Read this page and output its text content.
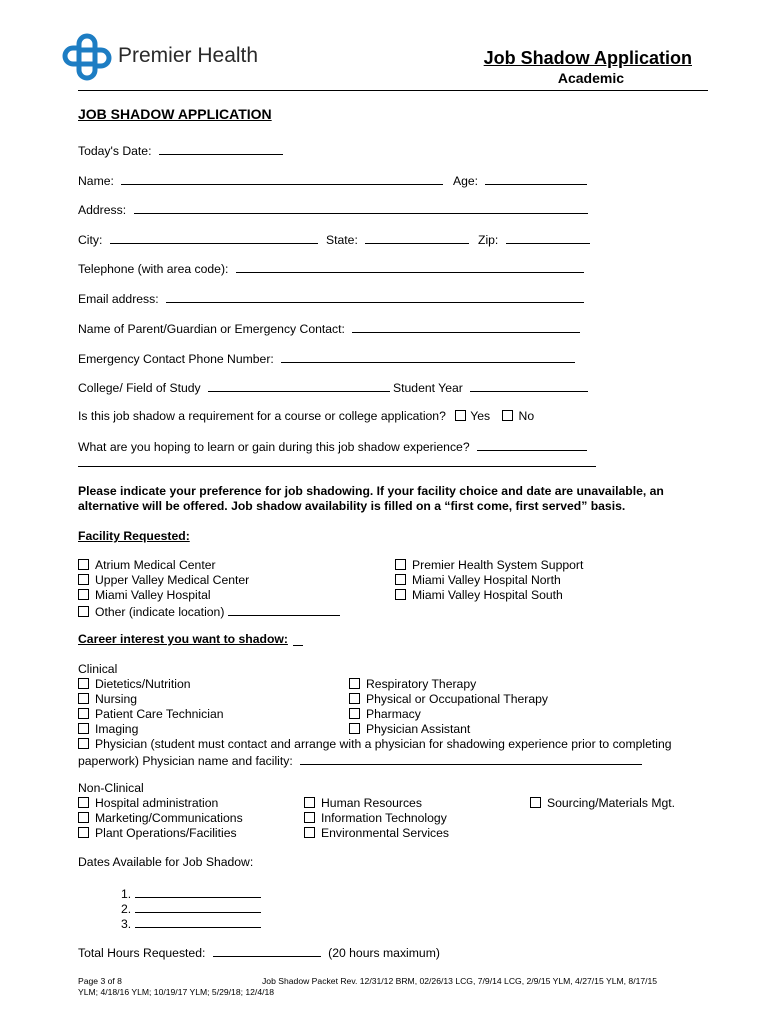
Premier Health	Job Shadow Application
Academic
JOB SHADOW APPLICATION
Today's Date:
Name:	Age:
Address:
City:	State:	Zip:
Telephone (with area code):
Email address:
Name of Parent/Guardian or Emergency Contact:
Emergency Contact Phone Number:
College/ Field of Study	Student Year
Is this job shadow a requirement for a course or college application? Yes No
What are you hoping to learn or gain during this job shadow experience?
Please indicate your preference for job shadowing. If your facility choice and date are unavailable, an
alternative will be offered. Job shadow availability is filled on a “first come, first served” basis.
Facility Requested:
Atrium Medical Center
Upper Valley Medical Center
Miami Valley Hospital
Other (indicate location)
Premier Health System Support
Miami Valley Hospital North
Miami Valley Hospital South
Career interest you want to shadow:
Clinical
Dietetics/Nutrition
Nursing
Patient Care Technician
Imaging
Respiratory Therapy
Physical or Occupational Therapy
Pharmacy
Physician Assistant
Physician (student must contact and arrange with a physician for shadowing experience prior to completing
paperwork) Physician name and facility:
Non-Clinical
Hospital administration
Marketing/Communications
Plant Operations/Facilities
Human Resources
Information Technology
Environmental Services
Sourcing/Materials Mgt.
Dates Available for Job Shadow:
1.
2.
3.
Total Hours Requested:	(20 hours maximum)
Page 3 of 8	Job Shadow Packet Rev. 12/31/12 BRM, 02/26/13 LCG, 7/9/14 LCG, 2/9/15 YLM, 4/27/15 YLM, 8/17/15
YLM; 4/18/16 YLM; 10/19/17 YLM; 5/29/18; 12/4/18
